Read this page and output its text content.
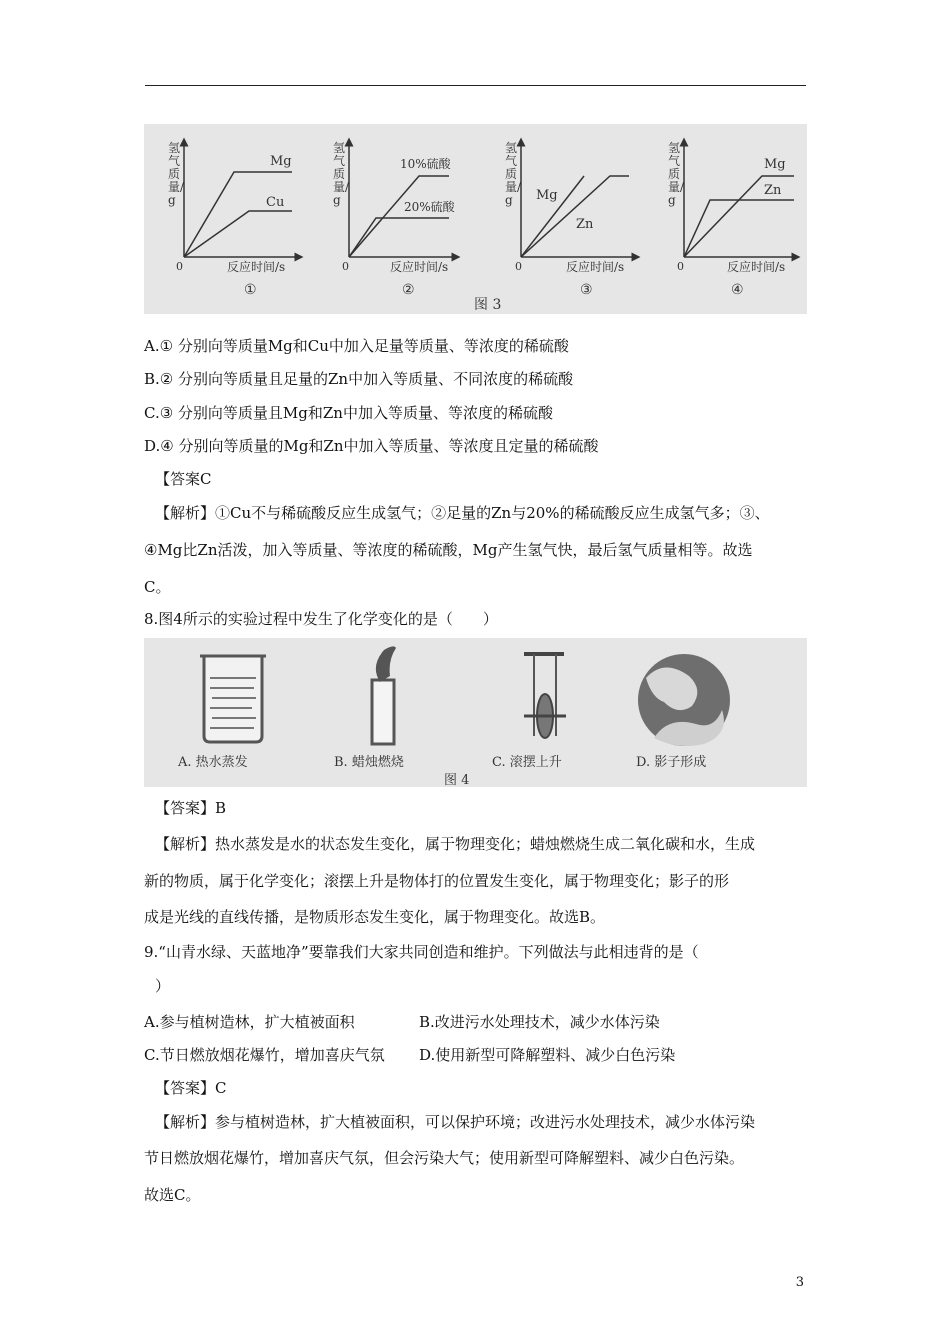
Mg
Cu
0	反应时间/s
①
10%硫酸
20%硫酸
0	反应时间/s
②
Mg
Zn
0	反应时间/s
③
图 3
Mg
Zn
0	反应时间/s
④
氢气质量/g
氢气质量/g
氢气质量/g
氢气质量/g
A.① 分别向等质量Mg和Cu中加入足量等质量、等浓度的稀硫酸
B.② 分别向等质量且足量的Zn中加入等质量、不同浓度的稀硫酸
C.③ 分别向等质量且Mg和Zn中加入等质量、等浓度的稀硫酸
D.④ 分别向等质量的Mg和Zn中加入等质量、等浓度且定量的稀硫酸
【答案C
【解析】①Cu不与稀硫酸反应生成氢气；②足量的Zn与20%的稀硫酸反应生成氢气多；③、
④Mg比Zn活泼，加入等质量、等浓度的稀硫酸，Mg产生氢气快，最后氢气质量相等。故选
C。
8.图4所示的实验过程中发生了化学变化的是（　　）
A. 热水蒸发	B. 蜡烛燃烧	C. 滚摆上升	D. 影子形成
图 4
【答案】B
【解析】热水蒸发是水的状态发生变化，属于物理变化；蜡烛燃烧生成二氧化碳和水，生成
新的物质，属于化学变化；滚摆上升是物体打的位置发生变化，属于物理变化；影子的形
成是光线的直线传播，是物质形态发生变化，属于物理变化。故选B。
9.“山青水绿、天蓝地净”要靠我们大家共同创造和维护。下列做法与此相违背的是（
）
A.参与植树造林，扩大植被面积	B.改进污水处理技术，减少水体污染
C.节日燃放烟花爆竹，增加喜庆气氛 D.使用新型可降解塑料、减少白色污染
【答案】C
【解析】参与植树造林，扩大植被面积，可以保护环境；改进污水处理技术，减少水体污染
节日燃放烟花爆竹，增加喜庆气氛，但会污染大气；使用新型可降解塑料、减少白色污染。
故选C。
3
